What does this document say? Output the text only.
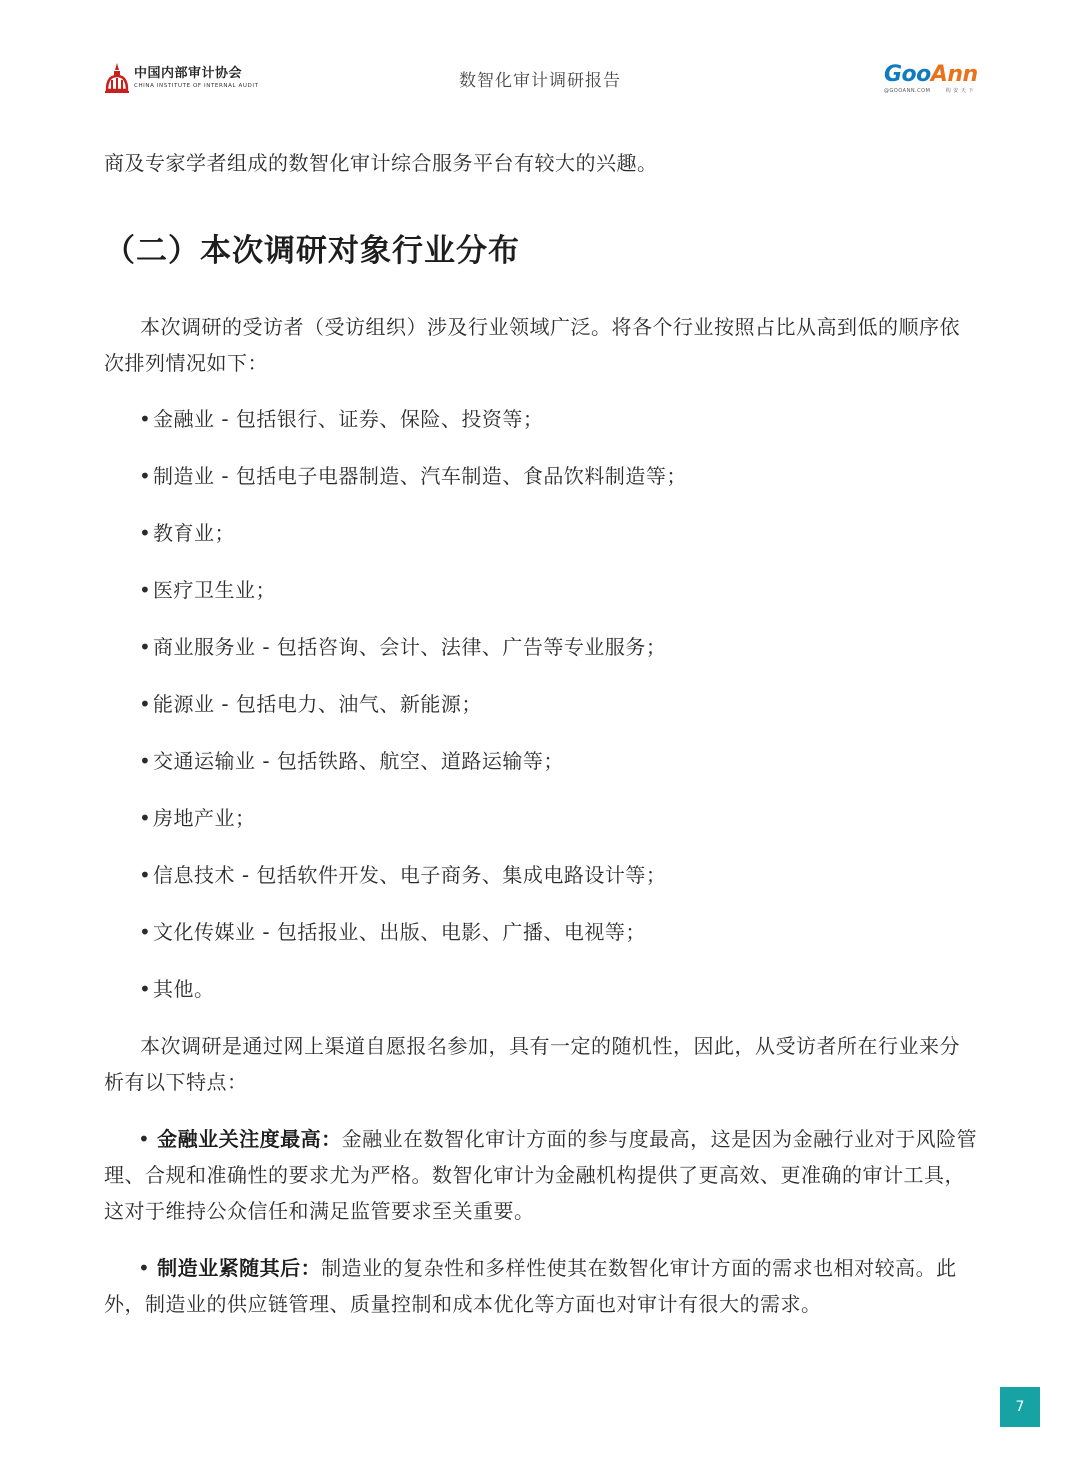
中国内部审计协会
CHINA INSTITUTE OF INTERNAL AUDIT	数智化审计调研报告	GooAnn
@GOOANN.COM	构 安 天 下

商及专家学者组成的数智化审计综合服务平台有较大的兴趣。

（二）本次调研对象行业分布

本次调研的受访者（受访组织）涉及行业领域广泛。将各个行业按照占比从高到低的顺序依次排列情况如下：

• 金融业 - 包括银行、证券、保险、投资等；
• 制造业 - 包括电子电器制造、汽车制造、食品饮料制造等；
• 教育业；
• 医疗卫生业；
• 商业服务业 - 包括咨询、会计、法律、广告等专业服务；
• 能源业 - 包括电力、油气、新能源；
• 交通运输业 - 包括铁路、航空、道路运输等；
• 房地产业；
• 信息技术 - 包括软件开发、电子商务、集成电路设计等；
• 文化传媒业 - 包括报业、出版、电影、广播、电视等；
• 其他。

本次调研是通过网上渠道自愿报名参加，具有一定的随机性，因此，从受访者所在行业来分析有以下特点：

• 金融业关注度最高：金融业在数智化审计方面的参与度最高，这是因为金融行业对于风险管理、合规和准确性的要求尤为严格。数智化审计为金融机构提供了更高效、更准确的审计工具，这对于维持公众信任和满足监管要求至关重要。

• 制造业紧随其后：制造业的复杂性和多样性使其在数智化审计方面的需求也相对较高。此外，制造业的供应链管理、质量控制和成本优化等方面也对审计有很大的需求。

7
